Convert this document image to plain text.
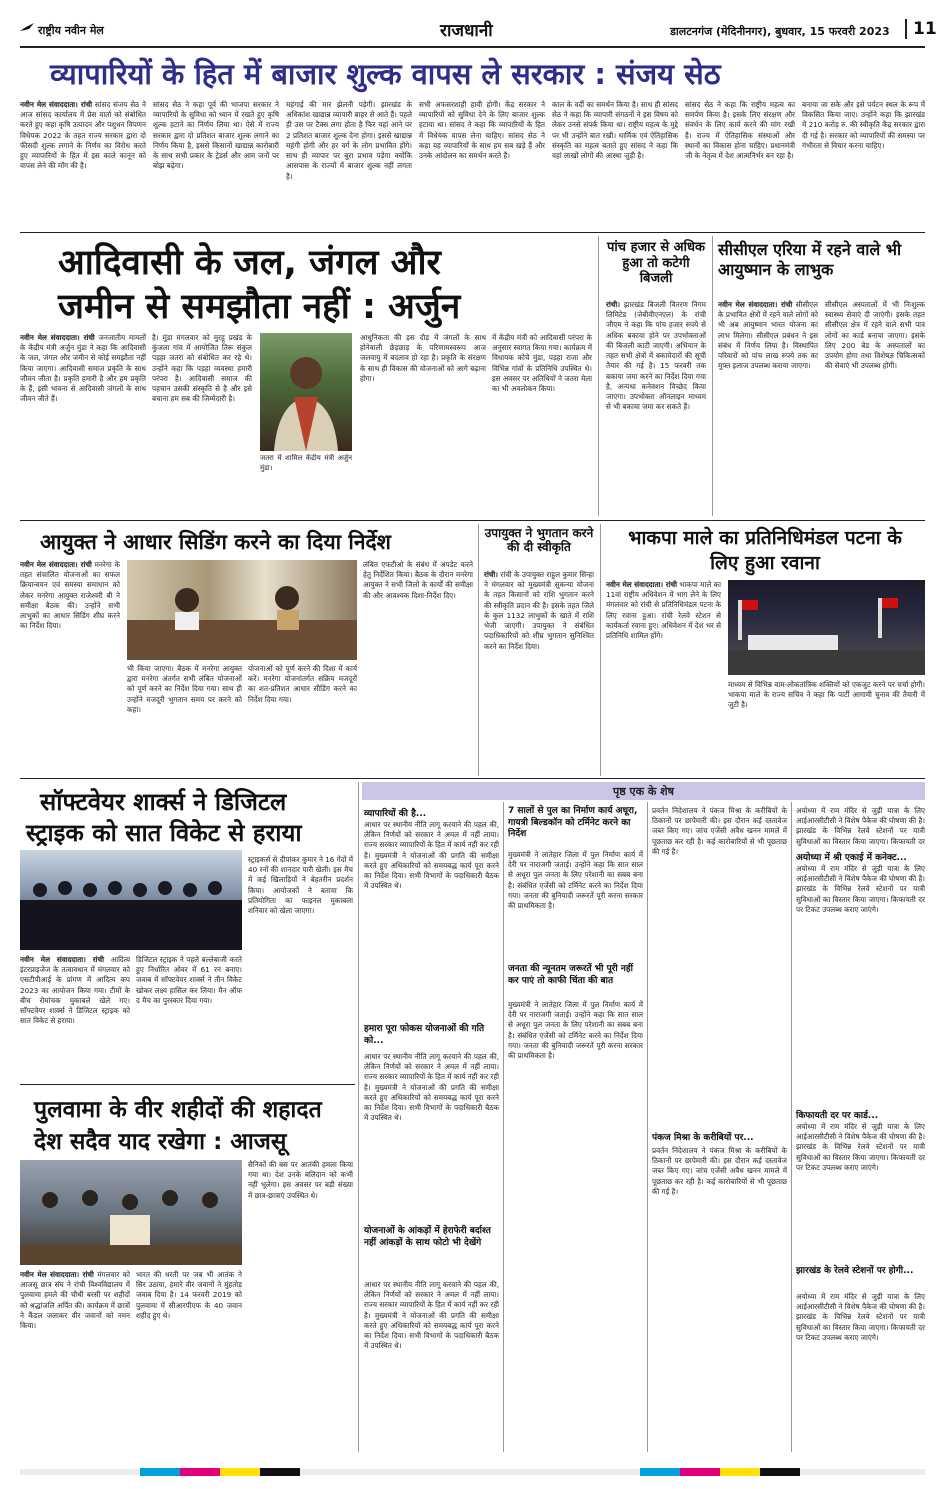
राष्ट्रीय नवीन मेल	राजधानी	डालटनगंज (मेदिनीनगर), बुधवार, 15 फरवरी 2023	11
व्यापारियों के हित में बाजार शुल्क वापस ले सरकार : संजय सेठ
नवीन मेल संवाददाता। रांची सांसद संजय सेठ ने आज सांसद कार्यालय में प्रेस वार्ता को संबोधित करते हुए कहा कृषि उत्पादन और पशुधन विपणन विधेयक 2022 के तहत राज्य सरकार द्वारा दो फीसदी शुल्क लगाने के निर्णय का विरोध करते हुए व्यापारियों के हित में इस काले कानून को वापस लेने की माँग की है।
सांसद सेठ ने कहा पूर्व की भाजपा सरकार ने व्यापारियों के सुविधा को ध्यान में रखते हुए कृषि शुल्क हटाने का निर्णय लिया था। ऐसे में राज्य सरकार द्वारा दो प्रतिशत बाजार शुल्क लगाने का निर्णय किया है, इससे किसानों खाद्यान्न कारोबारी के साथ सभी प्रकार के ट्रेडर्स और आम जनों पर बोझ बढ़ेगा।
महंगाई की मार झेलनी पड़ेगी। झारखंड के अधिकांश खाद्यान्न व्यापारी बाहर से आते हैं। पहले ही उस पर टैक्स लगा होता है फिर यहां आने पर 2 प्रतिशत बाजार शुल्क देना होगा। इससे खाद्यान्न महंगी होगी और हर वर्ग के लोग प्रभावित होंगे। साथ ही व्यापार पर बुरा प्रभाव पड़ेगा क्योंकि आसपास के राज्यों में बाजार शुल्क नहीं लगता है।
सभी अफसरशाही हावी होगी। केंद्र सरकार ने व्यापारियों को सुविधा देने के लिए बाजार शुल्क हटाया था। सांसद ने कहा कि व्यापारियों के हित में विधेयक वापस लेना चाहिए। सांसद सेठ ने कहा यह व्यापारियों के साथ हम सब खड़े हैं और उनके आंदोलन का समर्थन करते हैं।
काल के वर्दी का समर्थन किया है। साथ ही सांसद सेठ ने कहा कि व्यापारी संगठनों ने इस विषय को लेकर उनसे संपर्क किया था। राष्ट्रीय महत्व के मुद्दे पर भी उन्होंने बात रखी। धार्मिक एवं ऐतिहासिक संस्कृति का महत्व बताते हुए सांसद ने कहा कि वहां लाखों लोगों की आस्था जुड़ी है।
सांसद सेठ ने कहा कि राष्ट्रीय महत्व का समर्पण किया है। इसके लिए संरक्षण और संवर्धन के लिए कार्य करने की मांग रखी है। राज्य में ऐतिहासिक संस्थाओं और स्थानों का विकास होना चाहिए। प्रधानमंत्री जी के नेतृत्व में देश आत्मनिर्भर बन रहा है।
बनाया जा सके और इसे पर्यटन स्थल के रूप में विकसित किया जाए। उन्होंने कहा कि झारखंड में 210 करोड़ रु. की स्वीकृति केंद्र सरकार द्वारा दी गई है। सरकार को व्यापारियों की समस्या पर गंभीरता से विचार करना चाहिए।
आदिवासी के जल, जंगल और
जमीन से समझौता नहीं : अर्जुन
नवीन मेल संवाददाता। रांची जनजातीय मामलों के केंद्रीय मंत्री अर्जुन मुंडा ने कहा कि आदिवासी के जल, जंगल और जमीन से कोई समझौता नहीं किया जाएगा। आदिवासी समाज प्रकृति के साथ जीवन जीता है। प्रकृति हमारी है और हम प्रकृति के हैं, इसी भावना से आदिवासी जंगलों के साथ जीवन जीते हैं।
है। मुंडा मंगलवार को मुरहू प्रखंड के कुंजला गांव में आयोजित तिरू संकुल पड़हा जतरा को संबोधित कर रहे थे। उन्होंने कहा कि पड़हा व्यवस्था हमारी परंपरा है। आदिवासी समाज की पहचान उसकी संस्कृति से है और इसे बचाना हम सब की जिम्मेदारी है।
जतरा में शामिल केंद्रीय मंत्री अर्जुन मुंडा।
आधुनिकता की इस दौड़ में जंगलों के साथ होनेवाली छेड़छाड़ के परिणामस्वरूप आज जलवायु में बदलाव हो रहा है। प्रकृति के संरक्षण के साथ ही विकास की योजनाओं को आगे बढ़ाना होगा।
में केंद्रीय मंत्री को आदिवासी परंपरा के अनुसार स्वागत किया गया। कार्यक्रम में विधायक कोचे मुंडा, पड़हा राजा और विभिन्न गांवों के प्रतिनिधि उपस्थित थे। इस अवसर पर अतिथियों ने जतरा मेला का भी अवलोकन किया।
पांच हजार से अधिक हुआ तो कटेगी बिजली
रांची। झारखंड बिजली वितरण निगम लिमिटेड (जेबीवीएनएल) के रांची जीएम ने कहा कि पांच हजार रुपये से अधिक बकाया होने पर उपभोक्ताओं की बिजली काटी जाएगी। अभियान के तहत सभी क्षेत्रों में बकायेदारों की सूची तैयार की गई है। 15 फरवरी तक बकाया जमा करने का निर्देश दिया गया है, अन्यथा कनेक्शन विच्छेद किया जाएगा। उपभोक्ता ऑनलाइन माध्यम से भी बकाया जमा कर सकते हैं।
सीसीएल एरिया में रहने वाले भी आयुष्मान के लाभुक
नवीन मेल संवाददाता। रांची सीसीएल के प्रभावित क्षेत्रों में रहने वाले लोगों को भी अब आयुष्मान भारत योजना का लाभ मिलेगा। सीसीएल प्रबंधन ने इस संबंध में निर्णय लिया है। विस्थापित परिवारों को पांच लाख रुपये तक का मुफ्त इलाज उपलब्ध कराया जाएगा।
सीसीएल अस्पतालों में भी निःशुल्क स्वास्थ्य सेवाएं दी जाएंगी। इसके तहत सीसीएल क्षेत्र में रहने वाले सभी पात्र लोगों का कार्ड बनाया जाएगा। इसके लिए 200 बेड के अस्पतालों का उपयोग होगा तथा विशेषज्ञ चिकित्सकों की सेवाएं भी उपलब्ध होंगी।
आयुक्त ने आधार सिडिंग करने का दिया निर्देश
नवीन मेल संवाददाता। रांची मनरेगा के तहत संचालित योजनाओं का सफल क्रियान्वयन एवं समस्या समाधान को लेकर मनरेगा आयुक्त राजेश्वरी बी ने समीक्षा बैठक की। उन्होंने सभी लाभुकों का आधार सिडिंग शीघ्र करने का निर्देश दिया।
भी किया जाएगा। बैठक में मनरेगा आयुक्त द्वारा मनरेगा अंतर्गत सभी लंबित योजनाओं को पूर्ण करने का निर्देश दिया गया। साथ ही उन्होंने मजदूरी भुगतान समय पर करने को कहा।
योजनाओं को पूर्ण करने की दिशा में कार्य करें। मनरेगा योजनांतर्गत सक्रिय मजदूरों का शत-प्रतिशत आधार सीडिंग करने का निर्देश दिया गया।
लंबित एफटीओ के संबंध में अपडेट करने हेतु निर्देशित किया। बैठक के दौरान मनरेगा आयुक्त ने सभी जिलों के कार्यों की समीक्षा की और आवश्यक दिशा-निर्देश दिए।
उपायुक्त ने भुगतान करने की दी स्वीकृति
रांची। रांची के उपायुक्त राहुल कुमार सिन्हा ने मंगलवार को मुख्यमंत्री सुकन्या योजना के तहत किसानों को राशि भुगतान करने की स्वीकृति प्रदान की है। इसके तहत जिले के कुल 1132 लाभुकों के खाते में राशि भेजी जाएगी। उपायुक्त ने संबंधित पदाधिकारियों को शीघ्र भुगतान सुनिश्चित करने का निर्देश दिया।
भाकपा माले का प्रतिनिधिमंडल पटना के लिए हुआ रवाना
नवीन मेल संवाददाता। रांची भाकपा माले का 11वां राष्ट्रीय अधिवेशन में भाग लेने के लिए मंगलवार को रांची से प्रतिनिधिमंडल पटना के लिए रवाना हुआ। रांची रेलवे स्टेशन से कार्यकर्ता रवाना हुए। अधिवेशन में देश भर से प्रतिनिधि शामिल होंगे।
माध्यम से विभिन्न वाम-लोकतांत्रिक शक्तियों को एकजुट करने पर चर्चा होगी। भाकपा माले के राज्य सचिव ने कहा कि पार्टी आगामी चुनाव की तैयारी में जुटी है।
सॉफ्टवेयर शार्क्स ने डिजिटल
स्ट्राइक को सात विकेट से हराया
नवीन मेल संवाददाता। रांची आदित्य इंटरप्राइजेज के तत्वावधान में मंगलवार को एसटीपीआई के प्रांगण में आदित्य कप 2023 का आयोजन किया गया। टीमों के बीच रोमांचक मुकाबले खेले गए। सॉफ्टवेयर शार्क्स ने डिजिटल स्ट्राइक को सात विकेट से हराया।
डिजिटल स्ट्राइक ने पहले बल्लेबाजी करते हुए निर्धारित ओवर में 61 रन बनाए। जवाब में सॉफ्टवेयर शार्क्स ने तीन विकेट खोकर लक्ष्य हासिल कर लिया। मैन ऑफ द मैच का पुरस्कार दिया गया।
स्ट्राइकर्स से दीपांकर कुमार ने 16 गेंदों में 40 रनों की शानदार पारी खेली। इस मैच में कई खिलाड़ियों ने बेहतरीन प्रदर्शन किया। आयोजकों ने बताया कि प्रतियोगिता का फाइनल मुकाबला शनिवार को खेला जाएगा।
पुलवामा के वीर शहीदों की शहादत
देश सदैव याद रखेगा : आजसू
नवीन मेल संवाददाता। रांची मंगलवार को आजसू छात्र संघ ने रांची विश्वविद्यालय में पुलवामा हमले की चौथी बरसी पर शहीदों को श्रद्धांजलि अर्पित की। कार्यक्रम में छात्रों ने कैंडल जलाकर वीर जवानों को नमन किया।
भारत की धरती पर जब भी आतंक ने सिर उठाया, हमारे वीर जवानों ने मुंहतोड़ जवाब दिया है। 14 फरवरी 2019 को पुलवामा में सीआरपीएफ के 40 जवान शहीद हुए थे।
सैनिकों की बस पर आतंकी हमला किया गया था। देश उनके बलिदान को कभी नहीं भूलेगा। इस अवसर पर बड़ी संख्या में छात्र-छात्राएं उपस्थित थे।
पृष्ठ एक के शेष
व्यापारियों की है...
आधार पर स्थानीय नीति लागू करवाने की पहल की, लेकिन निर्णयों को सरकार ने अमल में नहीं लाया। राज्य सरकार व्यापारियों के हित में कार्य नहीं कर रही है। मुख्यमंत्री ने योजनाओं की प्रगति की समीक्षा करते हुए अधिकारियों को समयबद्ध कार्य पूरा करने का निर्देश दिया। सभी विभागों के पदाधिकारी बैठक में उपस्थित थे।
हमारा पूरा फोकस योजनाओं की गति को...
आधार पर स्थानीय नीति लागू करवाने की पहल की, लेकिन निर्णयों को सरकार ने अमल में नहीं लाया। राज्य सरकार व्यापारियों के हित में कार्य नहीं कर रही है। मुख्यमंत्री ने योजनाओं की प्रगति की समीक्षा करते हुए अधिकारियों को समयबद्ध कार्य पूरा करने का निर्देश दिया। सभी विभागों के पदाधिकारी बैठक में उपस्थित थे।
योजनाओं के आंकड़ों में हेराफेरी बर्दाश्त नहीं आंकड़ों के साथ फोटो भी देखेंगे
आधार पर स्थानीय नीति लागू करवाने की पहल की, लेकिन निर्णयों को सरकार ने अमल में नहीं लाया। राज्य सरकार व्यापारियों के हित में कार्य नहीं कर रही है। मुख्यमंत्री ने योजनाओं की प्रगति की समीक्षा करते हुए अधिकारियों को समयबद्ध कार्य पूरा करने का निर्देश दिया। सभी विभागों के पदाधिकारी बैठक में उपस्थित थे।
7 सालों से पुल का निर्माण कार्य अधूरा, गायत्री बिल्डकॉन को टर्मिनेट करने का निर्देश
मुख्यमंत्री ने लातेहार जिला में पुल निर्माण कार्य में देरी पर नाराजगी जताई। उन्होंने कहा कि सात साल से अधूरा पुल जनता के लिए परेशानी का सबब बना है। संबंधित एजेंसी को टर्मिनेट करने का निर्देश दिया गया। जनता की बुनियादी जरूरतें पूरी करना सरकार की प्राथमिकता है।
जनता की न्यूनतम जरूरतें भी पूरी नहीं कर पाएं तो काफी चिंता की बात
मुख्यमंत्री ने लातेहार जिला में पुल निर्माण कार्य में देरी पर नाराजगी जताई। उन्होंने कहा कि सात साल से अधूरा पुल जनता के लिए परेशानी का सबब बना है। संबंधित एजेंसी को टर्मिनेट करने का निर्देश दिया गया। जनता की बुनियादी जरूरतें पूरी करना सरकार की प्राथमिकता है।
प्रवर्तन निदेशालय ने पंकज मिश्रा के करीबियों के ठिकानों पर छापेमारी की। इस दौरान कई दस्तावेज जब्त किए गए। जांच एजेंसी अवैध खनन मामले में पूछताछ कर रही है। कई कारोबारियों से भी पूछताछ की गई है।
पंकज मिश्रा के करीबियों पर...
प्रवर्तन निदेशालय ने पंकज मिश्रा के करीबियों के ठिकानों पर छापेमारी की। इस दौरान कई दस्तावेज जब्त किए गए। जांच एजेंसी अवैध खनन मामले में पूछताछ कर रही है। कई कारोबारियों से भी पूछताछ की गई है।
अयोध्या में राम मंदिर से जुड़ी यात्रा के लिए आईआरसीटीसी ने विशेष पैकेज की घोषणा की है। झारखंड के विभिन्न रेलवे स्टेशनों पर यात्री सुविधाओं का विस्तार किया जाएगा। किफायती दर
अयोध्या में श्री एकाई में कनेक्ट...
अयोध्या में राम मंदिर से जुड़ी यात्रा के लिए आईआरसीटीसी ने विशेष पैकेज की घोषणा की है। झारखंड के विभिन्न रेलवे स्टेशनों पर यात्री सुविधाओं का विस्तार किया जाएगा। किफायती दर पर टिकट उपलब्ध कराए जाएंगे।
किफायती दर पर कार्ड...
अयोध्या में राम मंदिर से जुड़ी यात्रा के लिए आईआरसीटीसी ने विशेष पैकेज की घोषणा की है। झारखंड के विभिन्न रेलवे स्टेशनों पर यात्री सुविधाओं का विस्तार किया जाएगा। किफायती दर पर टिकट उपलब्ध कराए जाएंगे।
झारखंड के रेलवे स्टेशनों पर होगी...
अयोध्या में राम मंदिर से जुड़ी यात्रा के लिए आईआरसीटीसी ने विशेष पैकेज की घोषणा की है। झारखंड के विभिन्न रेलवे स्टेशनों पर यात्री सुविधाओं का विस्तार किया जाएगा। किफायती दर पर टिकट उपलब्ध कराए जाएंगे।
